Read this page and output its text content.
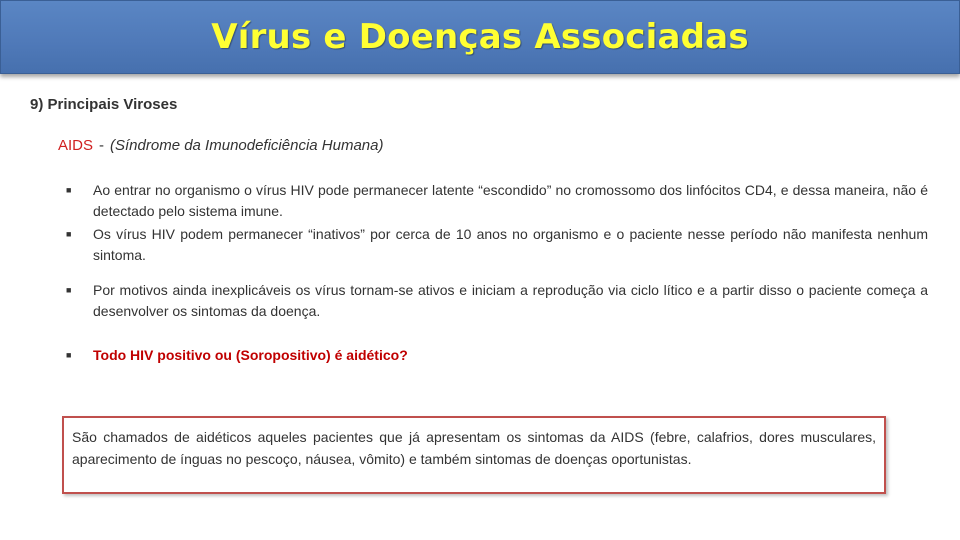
Vírus e Doenças Associadas
9) Principais Viroses
AIDS - (Síndrome da Imunodeficiência Humana)
■
Ao entrar no organismo o vírus HIV pode permanecer latente “escondido” no cromossomo dos linfócitos CD4, e dessa maneira, não é detectado pelo sistema imune.
■
Os vírus HIV podem permanecer “inativos” por cerca de 10 anos no organismo e o paciente nesse período não manifesta nenhum sintoma.
■
Por motivos ainda inexplicáveis os vírus tornam-se ativos e iniciam a reprodução via ciclo lítico e a partir disso o paciente começa a desenvolver os sintomas da doença.
■
Todo HIV positivo ou (Soropositivo) é aidético?
São chamados de aidéticos aqueles pacientes que já apresentam os sintomas da AIDS (febre, calafrios, dores musculares, aparecimento de ínguas no pescoço, náusea, vômito) e também sintomas de doenças oportunistas.
